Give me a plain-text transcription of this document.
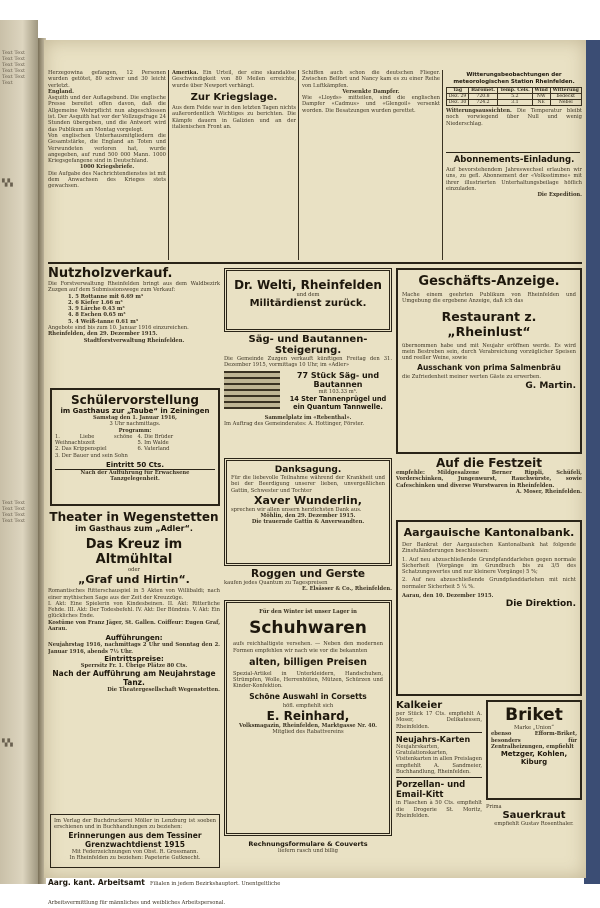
Text Text Text Text Text Text Text Text Text Text Text
▚▚
Text Text Text Text Text Text Text Text
▚▚
Herzegowina gefangen, 12 Personen wurden getötet, 80 schwer und 30 leicht verletzt.
England.
Asquith und der Auflagebund. Die englische Presse bereitet offen davon, daß die Allgemeine Wehrpflicht nun abgeschlossen ist. Der Asquith hat vor der Vollzugsfrage 24 Stunden übergeben, und die Antwort wird das Publikum am Montag vorgelegt.
Von englischen Unterhausmitgliedern die Gesamtstärke, die England an Toten und Verwundeten verloren hat, wurde angegeben, auf rund 500 000 Mann. 1000 Kriegsgefangene sind in Deutschland.
1000 Kriegsbriefe.
Die Aufgabe des Nachrichtendienstes ist mit dem Anwachsen des Krieges stets gewachsen.
Amerika. Ein Urteil, der eine skandalöse Geschwindigkeit von 80 Meilen erreichte, wurde über Newport verhängt.
Zur Kriegslage.
Aus dem Felde war in den letzten Tagen nichts außerordentlich Wichtiges zu berichten. Die Kämpfe dauern in Galizien und an der italienischen Front an.
Schiffen auch schon die deutschen Flieger. Zwischen Belfort und Nancy kam es zu einer Reihe von Luftkämpfen.
Versenkte Dampfer.
Wie «Lloyds» mitteilen, sind die englischen Dampfer «Cadmus» und «Glengoil» versenkt worden. Die Besatzungen wurden gerettet.
Witterungsbeobachtungen der meteorologischen Station Rheinfelden.
Tag	Baromet.	Temp. Cels.	Wind	Witterung
Dez. 29	720.8	5.2	NW	bedeckt
Dez. 30	724.2	3.1	NE	Nebel
Witterungsaussichten. Die Temperatur bleibt noch vorwiegend über Null und wenig Niederschlag.
Abonnements-Einladung.
Auf bevorstehendem Jahreswechsel erlauben wir uns, zu gefl. Abonnement der «Volksstimme» mit ihrer illustrierten Unterhaltungsbeilage höflich einzuladen.
Die Expedition.
Nutzholzverkauf.
Die Forstverwaltung Rheinfelden bringt aus dem Waldbezirk Zuzgen auf dem Submissionswege zum Verkauf:
1. 5 Rottanne mit 6.69 m³
2. 6 Kiefer 1.66 m³
3. 9 Lärche 0.43 m³
4. 8 Eschen 0.65 m³
5. 4 Weiß-tanne 0.61 m³
Angebote sind bis zum 10. Januar 1916 einzureichen.
Rheinfelden, den 29. Dezember 1915.
Stadtforstverwaltung Rheinfelden.
Dr. Welti, Rheinfelden
und dem
Militärdienst zurück.
Säg- und Bautannen-Steigerung.
Die Gemeinde Zuzgen verkauft künftigen Freitag den 31. Dezember 1915, vormittags 10 Uhr, im «Adler»
77 Stück Säg- und Bautannen
mit 103.33 m³.
14 Ster Tannenprügel und ein Quantum Tannwelle.
Sammelplatz im «Rebenthal».
Im Auftrag des Gemeinderates: A. Hottinger, Förster.
Geschäfts-Anzeige.
Mache einem geehrten Publikum von Rheinfelden und Umgebung die ergebene Anzeige, daß ich das
Restaurant z. „Rheinlust“
übernommen habe und mit Neujahr eröffnen werde. Es wird mein Bestreben sein, durch Verabreichung vorzüglicher Speisen und reeller Weine, sowie
Ausschank von prima Salmenbräu
die Zufriedenheit meiner werten Gäste zu erwerben.
G. Martin.
Schülervorstellung
im Gasthaus zur „Taube“ in Zeiningen
Samstag den 1. Januar 1916,
3 Uhr nachmittags.
Programm:
1. Liebe schöne Weihnachtszeit
2. Das Krippenspiel
3. Der Bauer und sein Sohn
4. Die Brüder
5. Im Walde
6. Vaterland
Eintritt 50 Cts.
Nach der Aufführung für Erwachsene Tanzgelegenheit.
Danksagung.
Für die liebevolle Teilnahme während der Krankheit und bei der Beerdigung unserer lieben, unvergeßlichen Gattin, Schwester und Tochter
Xaver Wunderlin,
sprechen wir allen unsern herzlichsten Dank aus.
Möhlin, den 29. Dezember 1915.
Die trauernde Gattin & Anverwandten.
Auf die Festzeit
empfehle: Mildgesalzene Berner Rippli, Schüfeli, Vorderschinken, Jungenwurst, Rauchwürste, sowie Cafeschinken und diverse Wurstwaren in Rheinfelden.
A. Moser, Rheinfelden.
Theater in Wegenstetten
im Gasthaus zum „Adler“.
Das Kreuz im Altmühltal
oder
„Graf und Hirtin“.
Romantisches Ritterschauspiel in 5 Akten von Willibaldi; nach einer mythischen Sage aus der Zeit der Kreuzzüge.
I. Akt: Eine Spielerin von Kindesbeinen. II. Akt: Ritterliche Fehde. III. Akt: Der Todesbefehl. IV. Akt: Der Bündnis. V. Akt: Ein glückliches Ende.
Kostüme von Franz Jäger, St. Gallen. Coiffeur: Eugen Graf, Aarau.
Aufführungen:
Neujahrstag 1916, nachmittags 2 Uhr und Sonntag den 2. Januar 1916, abends 7½ Uhr.
Eintrittspreise:
Sperrsitz Fr. 1. Übrige Plätze 80 Cts.
Nach der Aufführung am Neujahrstage Tanz.
Die Theatergesellschaft Wegenstetten.
Roggen und Gerste
kaufen jedes Quantum zu Tagespreisen
E. Elsässer & Co., Rheinfelden.
Für den Winter ist unser Lager in
Schuhwaren
aufs reichhaltigste versehen. — Neben den modernen Formen empfehlen wir nach wie vor die bekannten
alten, billigen Preisen
Spezial-Artikel in Unterkleidern, Handschuhen, Strümpfen, Wolle, Herrenhüten, Mützen, Schürzen und Kinder-Konfektion.
Schöne Auswahl in Corsetts
höfl. empfiehlt sich
E. Reinhard,
Volksmagazin, Rheinfelden, Marktgasse Nr. 40.
Mitglied des Rabattvereins
Aargauische Kantonalbank.
Der Bankrat der Aargauischen Kantonalbank hat folgende Zinsfußänderungen beschlossen:
1. Auf neu abzuschließende Grundpfanddarlehen gegen normale Sicherheit (Vorgänge im Grundbuch bis zu 3/5 des Schatzungswertes und nur kleinere Vorgänge) 5 %;
2. Auf neu abzuschließende Grundpfanddarlehen mit nicht normaler Sicherheit 5 ¼ %.
Aarau, den 10. Dezember 1915.
Die Direktion.
Kalkeier
per Stück 17 Cts. empfiehlt A. Moser, Delikatessen, Rheinfelden.
Neujahrs-Karten
Neujahrskarten, Gratulationskarten, Visitenkarten in allen Preislagen empfiehlt A. Sandmeier, Buchhandlung, Rheinfelden.
Porzellan- und Email-Kitt
in Flaschen à 50 Cts. empfiehlt die Drogerie St. Moritz, Rheinfelden.
Briket
Marke „Union“
ebenso Efform-Briket, besonders für Zentralheizungen, empfiehlt
Metzger, Kohlen, Kiburg
Prima
Sauerkraut
empfiehlt Gustav Rosenthaler.
Im Verlag der Buchdruckerei Möller in Lenzburg ist soeben erschienen und in Buchhandlungen zu beziehen:
Erinnerungen aus dem Tessiner Grenzwachtdienst 1915
Mit Federzeichnungen von Obst. R. Grossmann.
In Rheinfelden zu beziehen: Papeterie Gutknecht.
Aarg. kant. Arbeitsamt Filialen in jedem Bezirkshauptort. Unentgeltliche Arbeitsvermittlung für männliches und weibliches Arbeitspersonal.
Rechnungsformulare & Couverts
liefern rasch und billig
